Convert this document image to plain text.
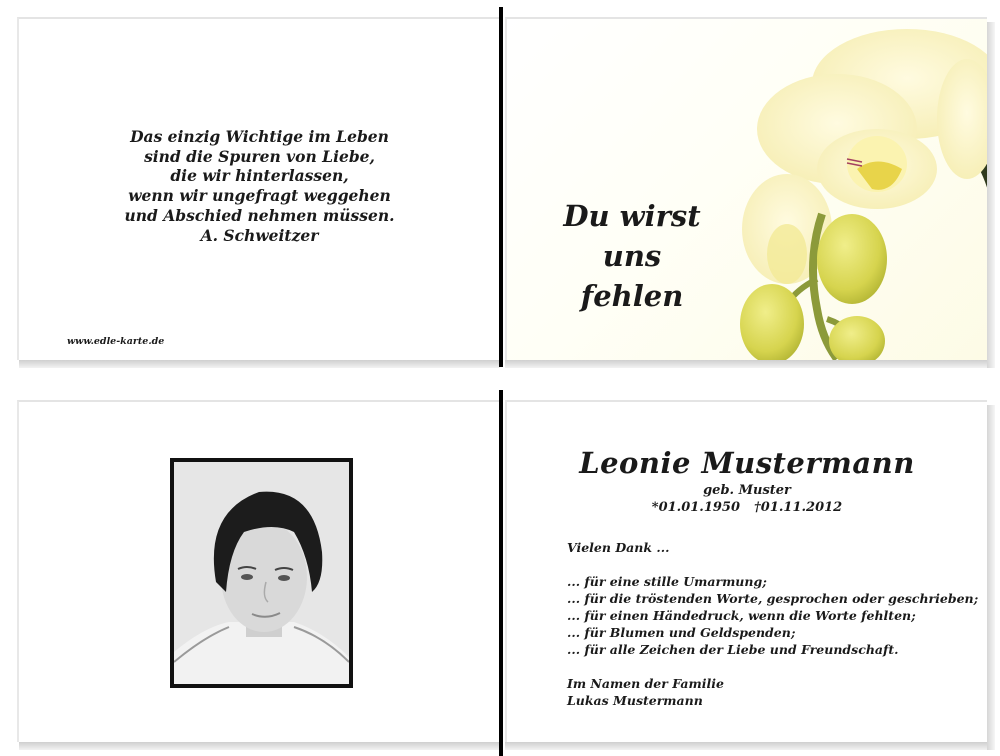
Das einzig Wichtige im Leben
sind die Spuren von Liebe,
die wir hinterlassen,
wenn wir ungefragt weggehen
und Abschied nehmen müssen.
A. Schweitzer
www.edle-karte.de
Du wirst
uns
fehlen
Leonie Mustermann
geb. Muster
*01.01.1950 †01.11.2012
Vielen Dank ...
... für eine stille Umarmung;
... für die tröstenden Worte, gesprochen oder geschrieben;
... für einen Händedruck, wenn die Worte fehlten;
... für Blumen und Geldspenden;
... für alle Zeichen der Liebe und Freundschaft.
Im Namen der Familie
Lukas Mustermann
